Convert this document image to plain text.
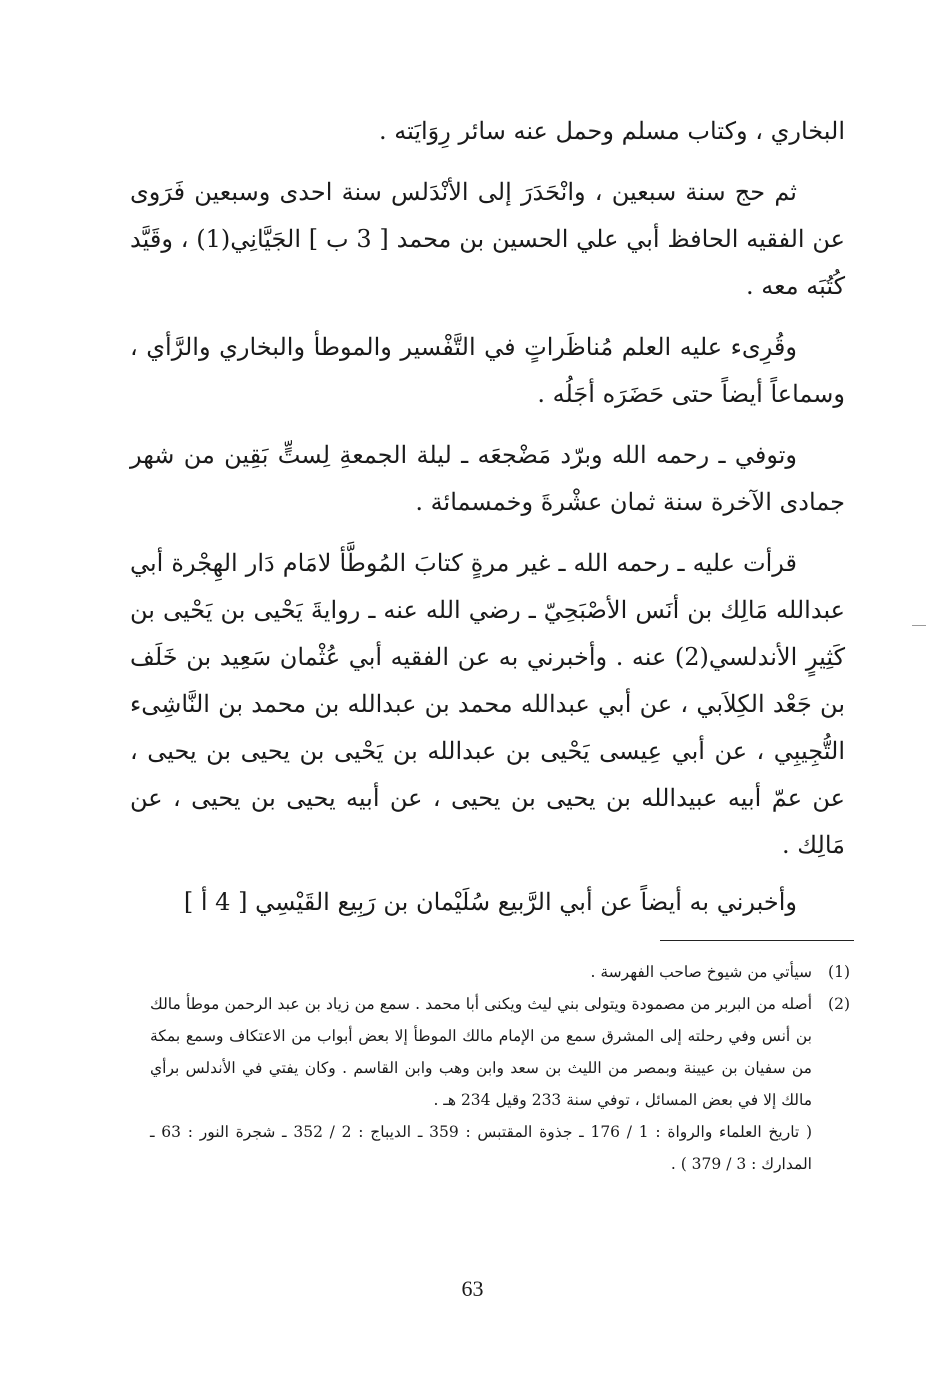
البخاري ، وكتاب مسلم وحمل عنه سائر رِوَايَته .

ثم حج سنة سبعين ، وانْحَدَرَ إلى الأنْدَلس سنة احدى وسبعين فَرَوى عن الفقيه الحافظ أبي علي الحسين بن محمد [ 3 ب ] الجَيَّانِي(1) ، وقَيَّد كُتُبَه معه .

وقُرِىء عليه العلم مُناظَراتٍ في التَّفْسير والموطأ والبخاري والرَّأي ، وسماعاً أيضاً حتى حَضَرَه أجَلُه .

وتوفي ـ رحمه الله وبرّد مَضْجعَه ـ ليلة الجمعةِ لِستٍّ بَقِين من شهر جمادى الآخرة سنة ثمان عشْرةَ وخمسمائة .

قرأت عليه ـ رحمه الله ـ غير مرةٍ كتابَ المُوطَّأ لامَام دَار الهِجْرة أبي عبدالله مَالِك بن أنَس الأصْبَحِيّ ـ رضي الله عنه ـ روايةَ يَحْيى بن يَحْيى بن كَثِيرٍ الأندلسي(2) عنه . وأخبرني به عن الفقيه أبي عُثْمان سَعِيد بن خَلَف بن جَعْد الكِلاَبي ، عن أبي عبدالله محمد بن عبدالله بن محمد بن النَّاشِىء التُّجِيبِي ، عن أبي عِيسى يَحْيى بن عبدالله بن يَحْيى بن يحيى بن يحيى ، عن عمّ أبيه عبيدالله بن يحيى بن يحيى ، عن أبيه يحيى بن يحيى ، عن مَالِك .

وأخبرني به أيضاً عن أبي الرَّبيع سُلَيْمان بن رَبِيع القَيْسِي [ 4 أ ]

(1)

سيأتي من شيوخ صاحب الفهرسة .

(2)

أصله من البربر من مصمودة ويتولى بني ليث ويكنى أبا محمد . سمع من زياد بن عبد الرحمن موطأ مالك بن أنس وفي رحلته إلى المشرق سمع من الإمام مالك الموطأ إلا بعض أبواب من الاعتكاف وسمع بمكة من سفيان بن عيينة وبمصر من الليث بن سعد وابن وهب وابن القاسم . وكان يفتي في الأندلس برأي مالك إلا في بعض المسائل ، توفي سنة 233 وقيل 234 هـ .

( تاريخ العلماء والرواة : 1 / 176 ـ جذوة المقتبس : 359 ـ الديباج : 2 / 352 ـ شجرة النور : 63 ـ المدارك : 3 / 379 ) .

63
